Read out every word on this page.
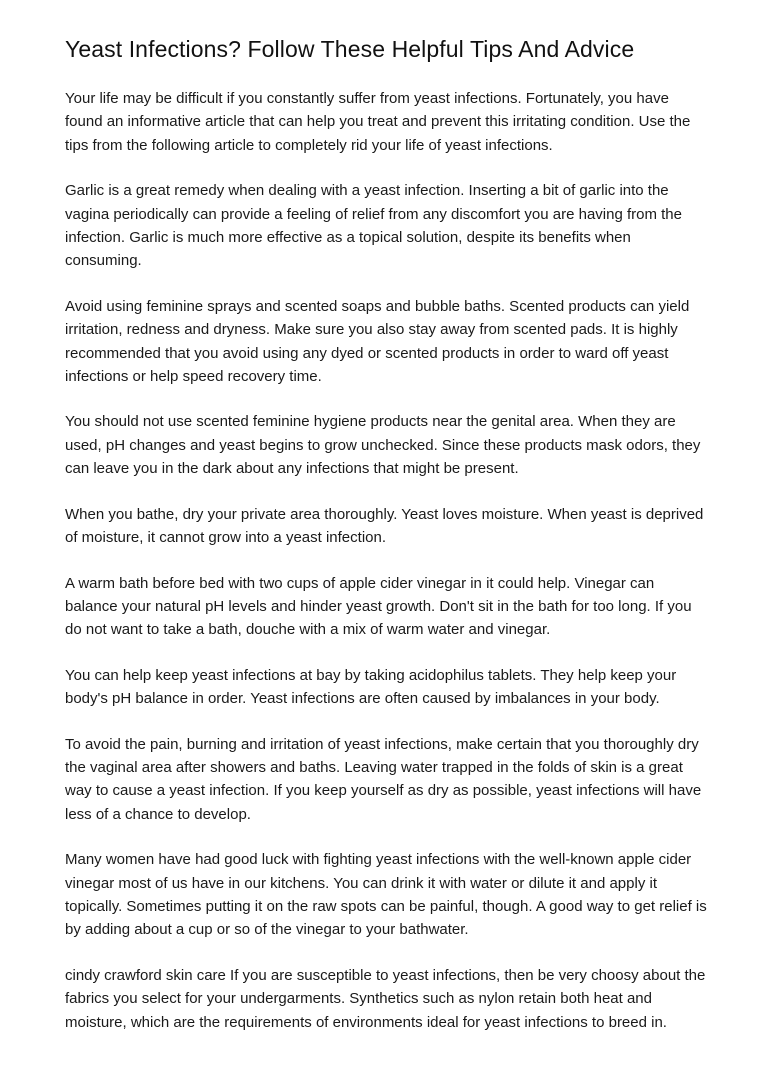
Yeast Infections? Follow These Helpful Tips And Advice

Your life may be difficult if you constantly suffer from yeast infections. Fortunately, you have found an informative article that can help you treat and prevent this irritating condition. Use the tips from the following article to completely rid your life of yeast infections.

Garlic is a great remedy when dealing with a yeast infection. Inserting a bit of garlic into the vagina periodically can provide a feeling of relief from any discomfort you are having from the infection. Garlic is much more effective as a topical solution, despite its benefits when consuming.

Avoid using feminine sprays and scented soaps and bubble baths. Scented products can yield irritation, redness and dryness. Make sure you also stay away from scented pads. It is highly recommended that you avoid using any dyed or scented products in order to ward off yeast infections or help speed recovery time.

You should not use scented feminine hygiene products near the genital area. When they are used, pH changes and yeast begins to grow unchecked. Since these products mask odors, they can leave you in the dark about any infections that might be present.

When you bathe, dry your private area thoroughly. Yeast loves moisture. When yeast is deprived of moisture, it cannot grow into a yeast infection.

A warm bath before bed with two cups of apple cider vinegar in it could help. Vinegar can balance your natural pH levels and hinder yeast growth. Don't sit in the bath for too long. If you do not want to take a bath, douche with a mix of warm water and vinegar.

You can help keep yeast infections at bay by taking acidophilus tablets. They help keep your body's pH balance in order. Yeast infections are often caused by imbalances in your body.

To avoid the pain, burning and irritation of yeast infections, make certain that you thoroughly dry the vaginal area after showers and baths. Leaving water trapped in the folds of skin is a great way to cause a yeast infection. If you keep yourself as dry as possible, yeast infections will have less of a chance to develop.

Many women have had good luck with fighting yeast infections with the well-known apple cider vinegar most of us have in our kitchens. You can drink it with water or dilute it and apply it topically. Sometimes putting it on the raw spots can be painful, though. A good way to get relief is by adding about a cup or so of the vinegar to your bathwater.

cindy crawford skin care If you are susceptible to yeast infections, then be very choosy about the fabrics you select for your undergarments. Synthetics such as nylon retain both heat and moisture, which are the requirements of environments ideal for yeast infections to breed in.
